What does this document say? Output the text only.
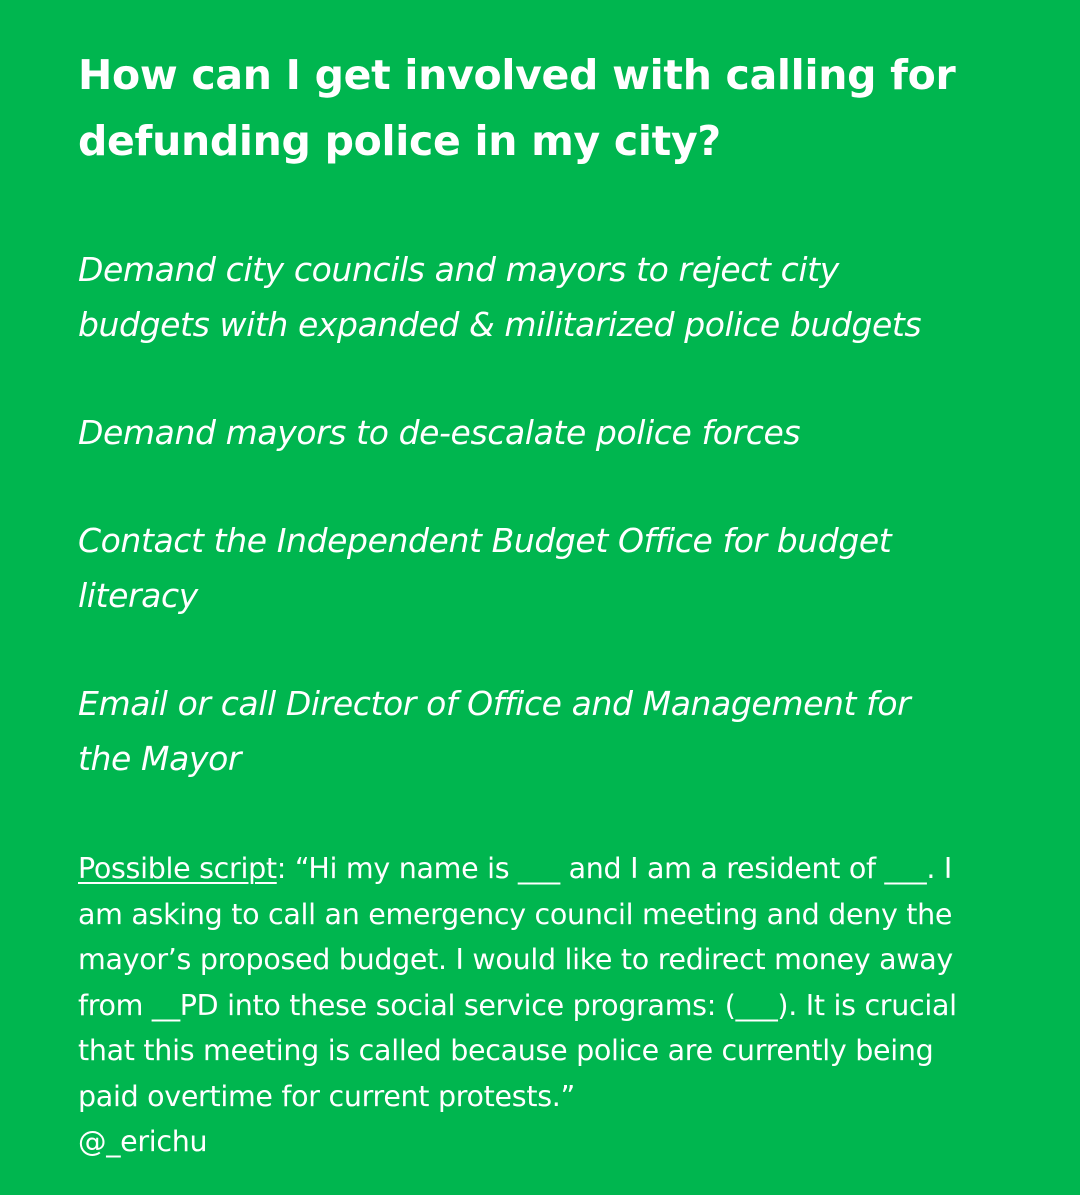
How can I get involved with calling for defunding police in my city?
Demand city councils and mayors to reject city budgets with expanded & militarized police budgets
Demand mayors to de-escalate police forces
Contact the Independent Budget Office for budget literacy
Email or call Director of Office and Management for the Mayor
Possible script: “Hi my name is ___ and I am a resident of ___. I am asking to call an emergency council meeting and deny the mayor’s proposed budget. I would like to redirect money away from __PD into these social service programs: (___). It is crucial that this meeting is called because police are currently being paid overtime for current protests.”
@_erichu
